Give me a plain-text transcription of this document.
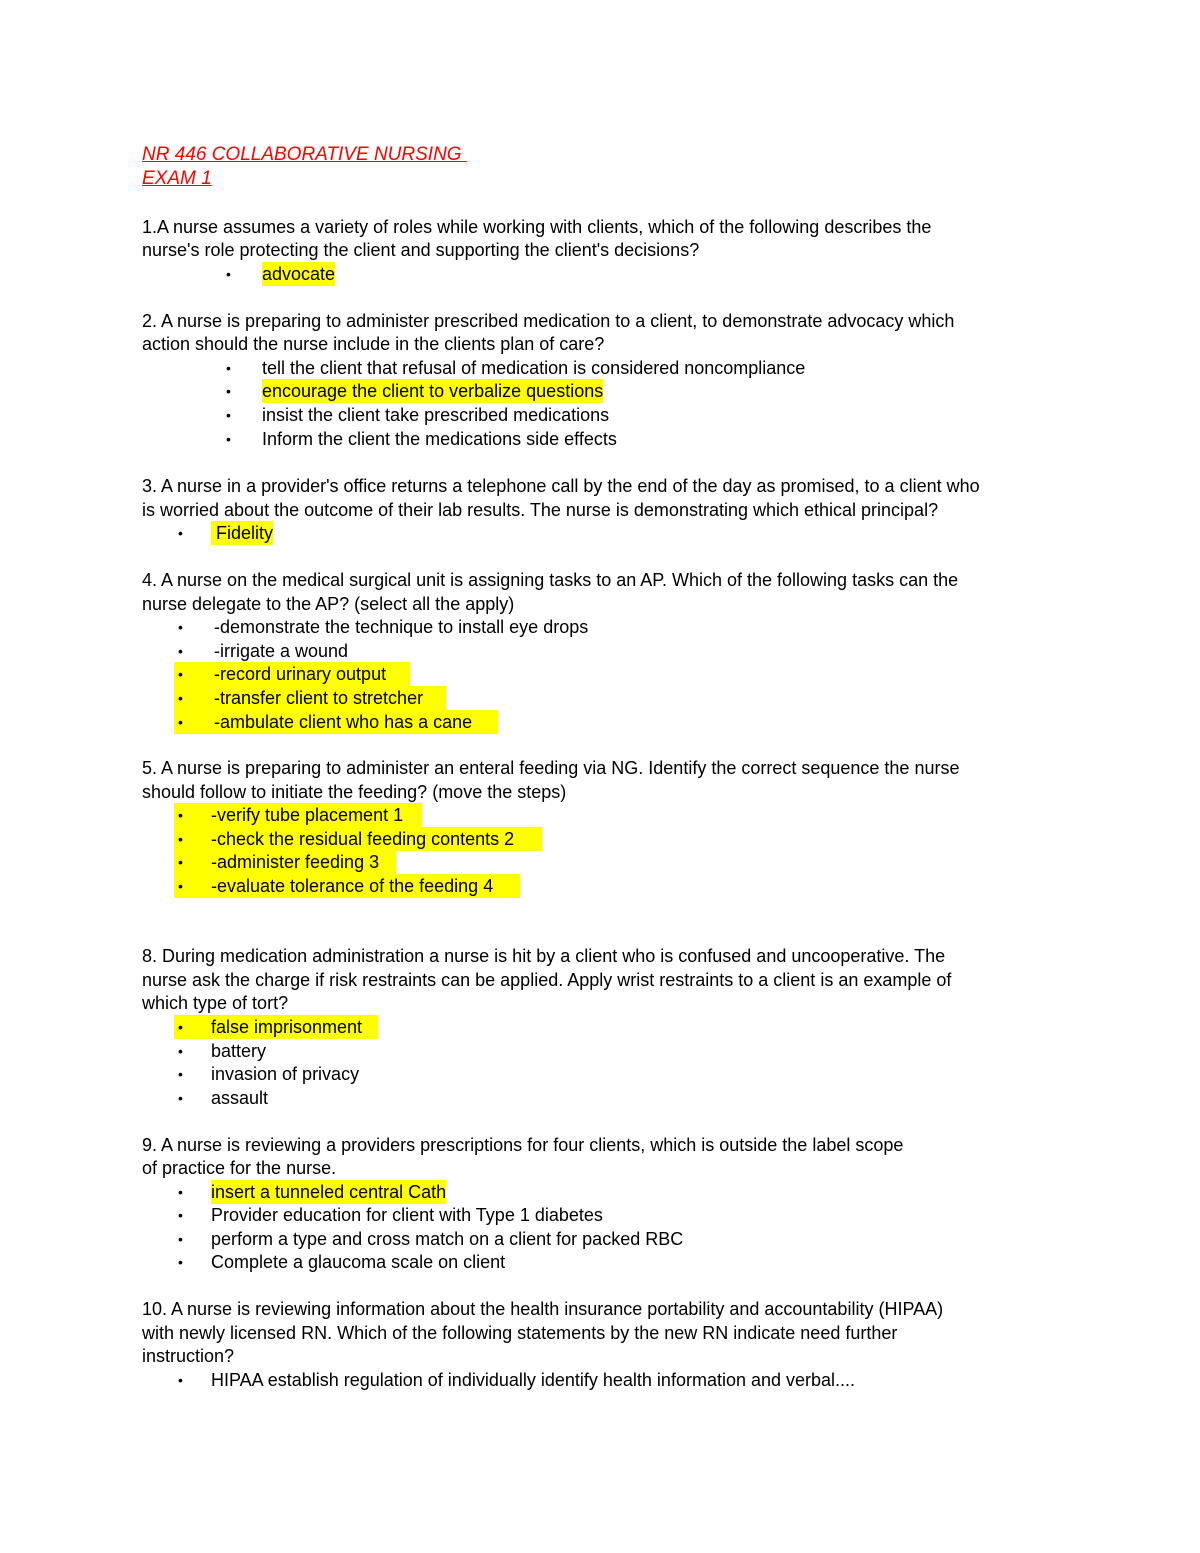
NR 446 COLLABORATIVE NURSING
EXAM 1
1.A nurse assumes a variety of roles while working with clients, which of the following describes the
nurse's role protecting the client and supporting the client's decisions?
• advocate
2. A nurse is preparing to administer prescribed medication to a client, to demonstrate advocacy which
action should the nurse include in the clients plan of care?
• tell the client that refusal of medication is considered noncompliance
• encourage the client to verbalize questions
• insist the client take prescribed medications
• Inform the client the medications side effects
3. A nurse in a provider's office returns a telephone call by the end of the day as promised, to a client who
is worried about the outcome of their lab results. The nurse is demonstrating which ethical principal?
• Fidelity
4. A nurse on the medical surgical unit is assigning tasks to an AP. Which of the following tasks can the
nurse delegate to the AP? (select all the apply)
• -demonstrate the technique to install eye drops
• -irrigate a wound
• -record urinary output
• -transfer client to stretcher
• -ambulate client who has a cane
5. A nurse is preparing to administer an enteral feeding via NG. Identify the correct sequence the nurse
should follow to initiate the feeding? (move the steps)
• -verify tube placement 1
• -check the residual feeding contents 2
• -administer feeding 3
• -evaluate tolerance of the feeding 4
8. During medication administration a nurse is hit by a client who is confused and uncooperative. The
nurse ask the charge if risk restraints can be applied. Apply wrist restraints to a client is an example of
which type of tort?
• false imprisonment
• battery
• invasion of privacy
• assault
9. A nurse is reviewing a providers prescriptions for four clients, which is outside the label scope
of practice for the nurse.
• insert a tunneled central Cath
• Provider education for client with Type 1 diabetes
• perform a type and cross match on a client for packed RBC
• Complete a glaucoma scale on client
10. A nurse is reviewing information about the health insurance portability and accountability (HIPAA)
with newly licensed RN. Which of the following statements by the new RN indicate need further
instruction?
• HIPAA establish regulation of individually identify health information and verbal....
